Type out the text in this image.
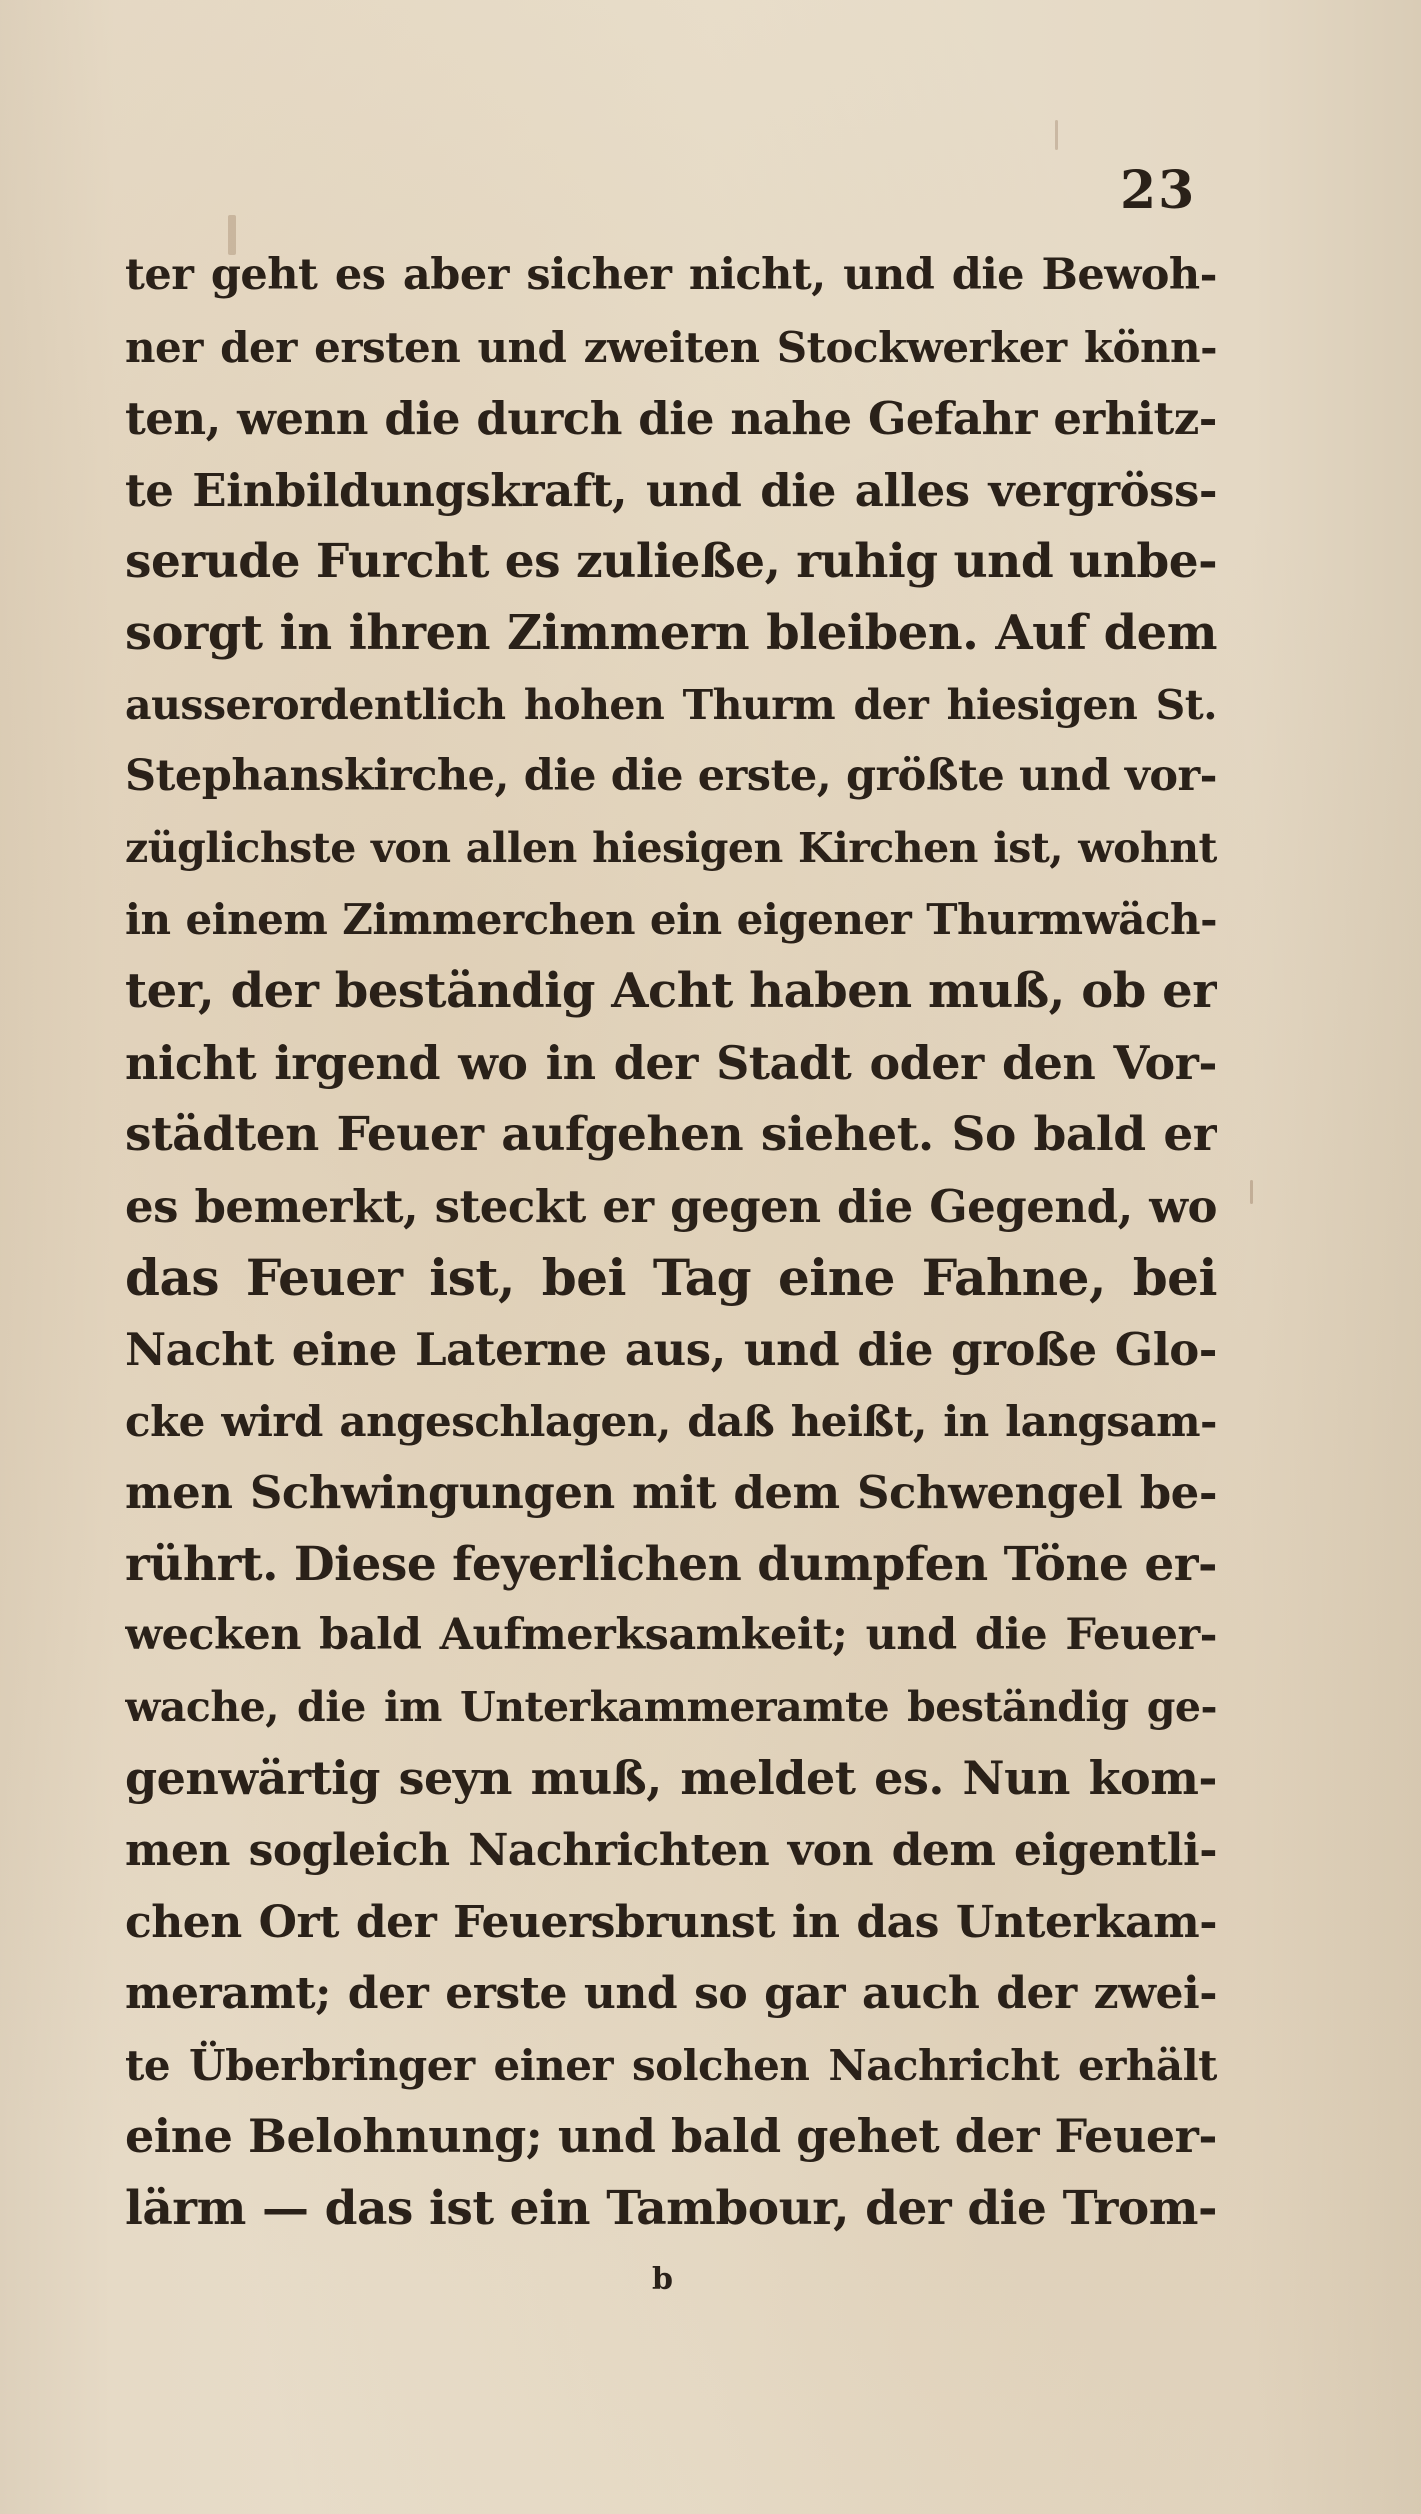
23
ter geht es aber sicher nicht, und die Bewoh-
ner der ersten und zweiten Stockwerker könn-
ten, wenn die durch die nahe Gefahr erhitz-
te Einbildungskraft, und die alles vergröss-
serude Furcht es zuließe, ruhig und unbe-
sorgt in ihren Zimmern bleiben. Auf dem
ausserordentlich hohen Thurm der hiesigen St.
Stephanskirche, die die erste, größte und vor-
züglichste von allen hiesigen Kirchen ist, wohnt
in einem Zimmerchen ein eigener Thurmwäch-
ter, der beständig Acht haben muß, ob er
nicht irgend wo in der Stadt oder den Vor-
städten Feuer aufgehen siehet. So bald er
es bemerkt, steckt er gegen die Gegend, wo
das Feuer ist, bei Tag eine Fahne, bei
Nacht eine Laterne aus, und die große Glo-
cke wird angeschlagen, daß heißt, in langsam-
men Schwingungen mit dem Schwengel be-
rührt. Diese feyerlichen dumpfen Töne er-
wecken bald Aufmerksamkeit; und die Feuer-
wache, die im Unterkammeramte beständig ge-
genwärtig seyn muß, meldet es. Nun kom-
men sogleich Nachrichten von dem eigentli-
chen Ort der Feuersbrunst in das Unterkam-
meramt; der erste und so gar auch der zwei-
te Überbringer einer solchen Nachricht erhält
eine Belohnung; und bald gehet der Feuer-
lärm — das ist ein Tambour, der die Trom-
b
